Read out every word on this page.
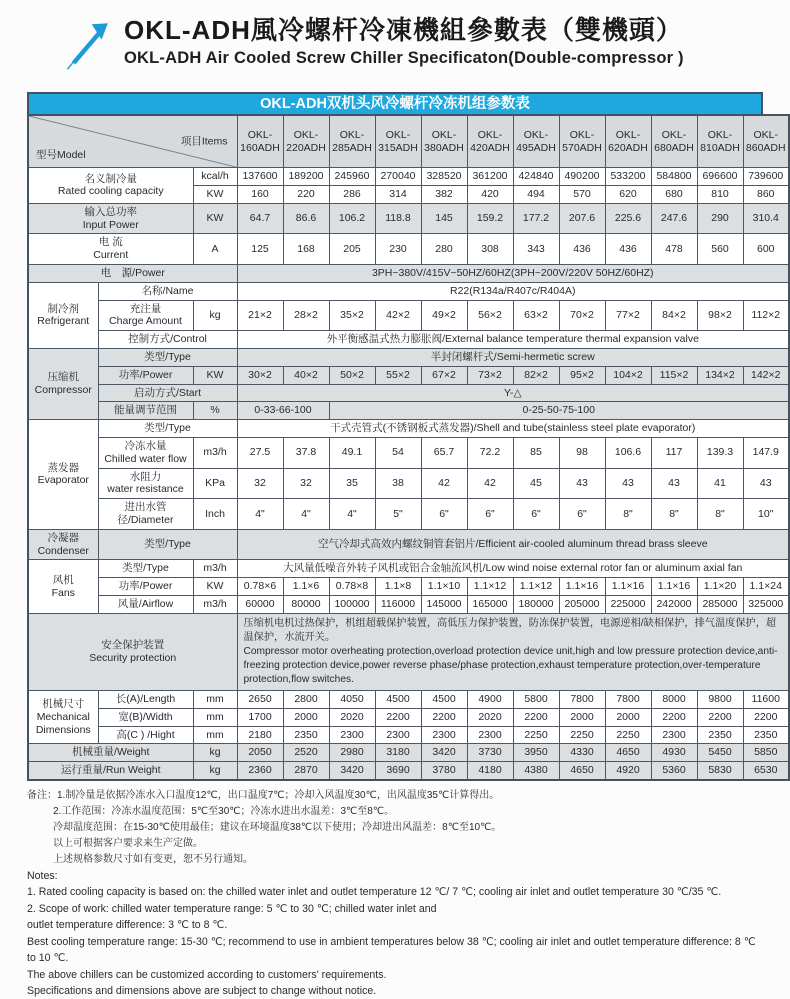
OKL-ADH風冷螺杆冷凍機組參數表（雙機頭）
OKL-ADH Air Cooled Screw Chiller Specificaton(Double-compressor )
OKL-ADH双机头风冷螺杆冷冻机组参数表

型号Model

项目Items			OKL-
160ADH	OKL-
220ADH	OKL-
285ADH	OKL-
315ADH	OKL-
380ADH	OKL-
420ADH	OKL-
495ADH	OKL-
570ADH	OKL-
620ADH	OKL-
680ADH	OKL-
810ADH	OKL-
860ADH
名义制冷量
Rated cooling capacity		kcal/h	137600	189200	245960	270040	328520	361200	424840	490200	533200	584800	696600	739600
		KW	160	220	286	314	382	420	494	570	620	680	810	860
输入总功率
Input Power		KW	64.7	86.6	106.2	118.8	145	159.2	177.2	207.6	225.6	247.6	290	310.4
电 流
Current		A	125	168	205	230	280	308	343	436	436	478	560	600
电　源/Power			3PH~380V/415V~50HZ/60HZ(3PH~200V/220V 50HZ/60HZ)											
制冷剂
Refrigerant	名称/Name		R22(R134a/R407c/R404A)											
	充注量
Charge Amount	kg	21×2	28×2	35×2	42×2	49×2	56×2	63×2	70×2	77×2	84×2	98×2	112×2
	控制方式/Control		外平衡感温式热力膨胀阀/External balance temperature thermal expansion valve											
压缩机
Compressor	类型/Type		半封闭螺杆式/Semi-hermetic screw											
	功率/Power	KW	30×2	40×2	50×2	55×2	67×2	73×2	82×2	95×2	104×2	115×2	134×2	142×2
	启动方式/Start		Y-△											
	能量调节范围	%	0-33-66-100		0-25-50-75-100									
蒸发器
Evaporator	类型/Type		干式壳管式(不锈钢板式蒸发器)/Shell and tube(stainless steel plate evaporator)											
	冷冻水量
Chilled water flow	m3/h	27.5	37.8	49.1	54	65.7	72.2	85	98	106.6	117	139.3	147.9
	水阻力
water resistance	KPa	32	32	35	38	42	42	45	43	43	43	41	43
	进出水管径/Diameter	Inch	4"	4"	4"	5"	6"	6"	6"	6"	8"	8"	8"	10"
冷凝器
Condenser	类型/Type		空气冷却式高效内螺纹铜管套铝片/Efficient air-cooled aluminum thread brass sleeve											
风机
Fans	类型/Type	m3/h	大风量低噪音外转子风机或铝合金轴流风机/Low wind noise external rotor fan or aluminum axial fan											
	功率/Power	KW	0.78×6	1.1×6	0.78×8	1.1×8	1.1×10	1.1×12	1.1×12	1.1×16	1.1×16	1.1×16	1.1×20	1.1×24
	风量/Airflow	m3/h	60000	80000	100000	116000	145000	165000	180000	205000	225000	242000	285000	325000
安全保护装置
Security protection			压缩机电机过热保护，机组超载保护装置，高低压力保护装置，防冻保护装置，电源逆相/缺相保护，排气温度保护，超温保护，水流开关。
Compressor motor overheating protection,overload protection device unit,high and low pressure protection device,anti-freezing protection device,power reverse phase/phase protection,exhaust temperature protection,over-temperature protection,flow switches.											
机械尺寸
Mechanical
Dimensions	长(A)/Length	mm	2650	2800	4050	4500	4500	4900	5800	7800	7800	8000	9800	11600
	宽(B)/Width	mm	1700	2000	2020	2200	2200	2020	2200	2000	2000	2200	2200	2200
	高(C ) /Hight	mm	2180	2350	2300	2300	2300	2300	2250	2250	2250	2300	2350	2350
机械重量/Weight		kg	2050	2520	2980	3180	3420	3730	3950	4330	4650	4930	5450	5850
运行重量/Run Weight		kg	2360	2870	3420	3690	3780	4180	4380	4650	4920	5360	5830	6530
备注：1.制冷量是依据冷冻水入口温度12℃，出口温度7℃；冷却入风温度30℃，出风温度35℃计算得出。
2.工作范围：冷冻水温度范围：5℃至30℃；冷冻水进出水温差：3℃至8℃。
冷却温度范围：在15-30℃使用最佳；建议在环境温度38℃以下使用；冷却进出风温差：8℃至10℃。
以上可根据客户要求来生产定做。
上述规格参数尺寸如有变更，恕不另行通知。
Notes:
1. Rated cooling capacity is based on: the chilled water inlet and outlet temperature 12 ℃/ 7 ℃; cooling air inlet and outlet temperature 30 ℃/35 ℃.
2. Scope of work: chilled water temperature range: 5 ℃ to 30 ℃; chilled water inlet and
outlet temperature difference: 3 ℃ to 8 ℃.
Best cooling temperature range: 15-30 ℃; recommend to use in ambient temperatures below 38 ℃; cooling air inlet and outlet temperature difference: 8 ℃ to 10 ℃.
The above chillers can be customized according to customers' requirements.
Specifications and dimensions above are subject to change without notice.
